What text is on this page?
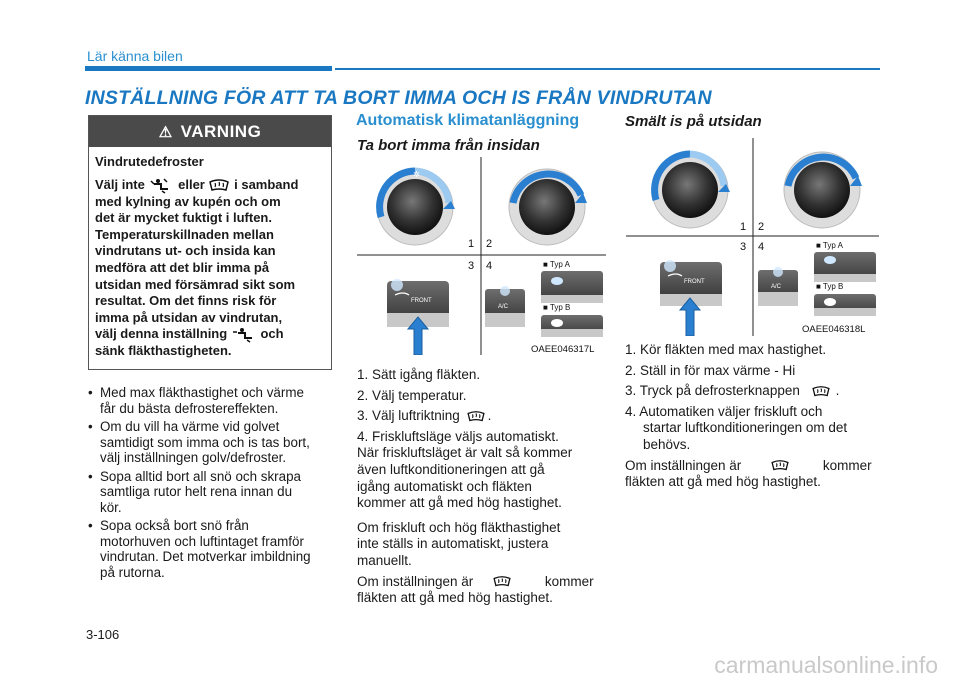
Lär känna bilen
INSTÄLLNING FÖR ATT TA BORT IMMA OCH IS FRÅN VINDRUTAN
⚠ VARNING
Vindrutedefroster
Välj inte	eller i samband
med kylning av kupén och om
det är mycket fuktigt i luften.
Temperaturskillnaden mellan
vindrutans ut- och insida kan
medföra att det blir imma på
utsidan med försämrad sikt som
resultat. Om det finns risk för
imma på utsidan av vindrutan,
välj denna inställning	och
sänk fläkthastigheten.
• Med max fläkthastighet och värme
får du bästa defrostereffekten.
• Om du vill ha värme vid golvet
samtidigt som imma och is tas bort,
välj inställningen golv/defroster.
• Sopa alltid bort all snö och skrapa
samtliga rutor helt rena innan du
kör.
• Sopa också bort snö från
motorhuven och luftintaget framför
vindrutan. Det motverkar imbildning
på rutorna.
Automatisk klimatanläggning
Ta bort imma från insidan
✲
1 2
3 4
FRONT
A/C
■ Typ A
■ Typ B
OAEE046317L

1. Sätt igång fläkten.

2. Välj temperatur.

3. Välj luftriktning .

4. Friskluftsläge väljs automatiskt.
När friskluftsläget är valt så kommer
även luftkonditioneringen att gå
igång automatiskt och fläkten
kommer att gå med hög hastighet.

Om friskluft och hög fläkthastighet
inte ställs in automatiskt, justera
manuellt.

Om inställningen är	kommer
fläkten att gå med hög hastighet.

Smält is på utsidan
1 2
3 4
FRONT
A/C
■ Typ A
■ Typ B
OAEE046318L

1. Kör fläkten med max hastighet.

2. Ställ in för max värme - Hi

3. Tryck på defrosterknappen	.

4. Automatiken väljer friskluft och
startar luftkonditioneringen om det
behövs.

Om inställningen är	kommer
fläkten att gå med hög hastighet.

3-106
carmanualsonline.info
